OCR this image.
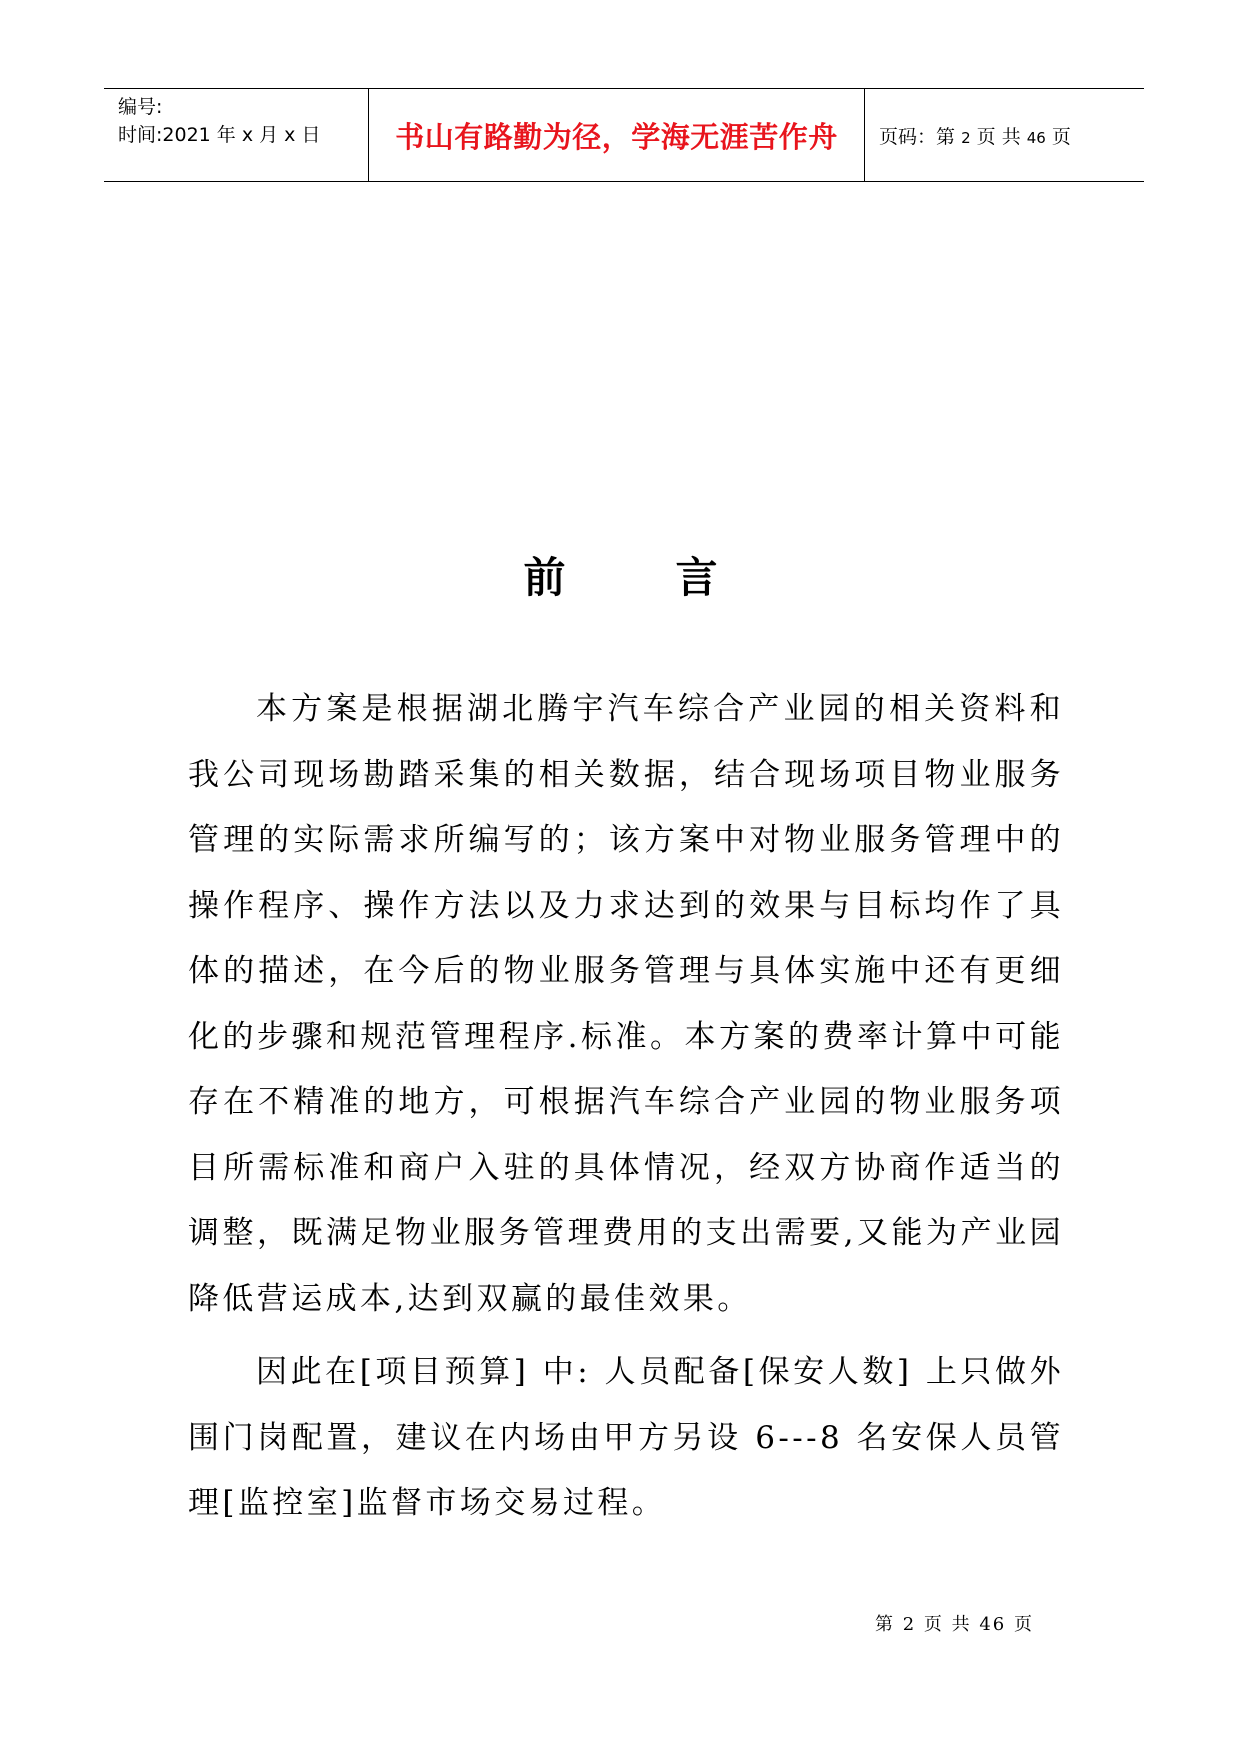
编号:
时间:2021 年 x 月 x 日	书山有路勤为径，学海无涯苦作舟 页码：第 2 页 共 46 页
前	言

本方案是根据湖北腾宇汽车综合产业园的相关资料和我公司现场勘踏采集的相关数据，结合现场项目物业服务管理的实际需求所编写的；该方案中对物业服务管理中的操作程序、操作方法以及力求达到的效果与目标均作了具体的描述，在今后的物业服务管理与具体实施中还有更细化的步骤和规范管理程序.标准。本方案的费率计算中可能存在不精准的地方，可根据汽车综合产业园的物业服务项目所需标准和商户入驻的具体情况，经双方协商作适当的调整，既满足物业服务管理费用的支出需要,又能为产业园降低营运成本,达到双赢的最佳效果。

因此在[项目预算] 中: 人员配备[保安人数] 上只做外围门岗配置，建议在内场由甲方另设 6---8 名安保人员管理[监控室]监督市场交易过程。

第 2 页 共 46 页
